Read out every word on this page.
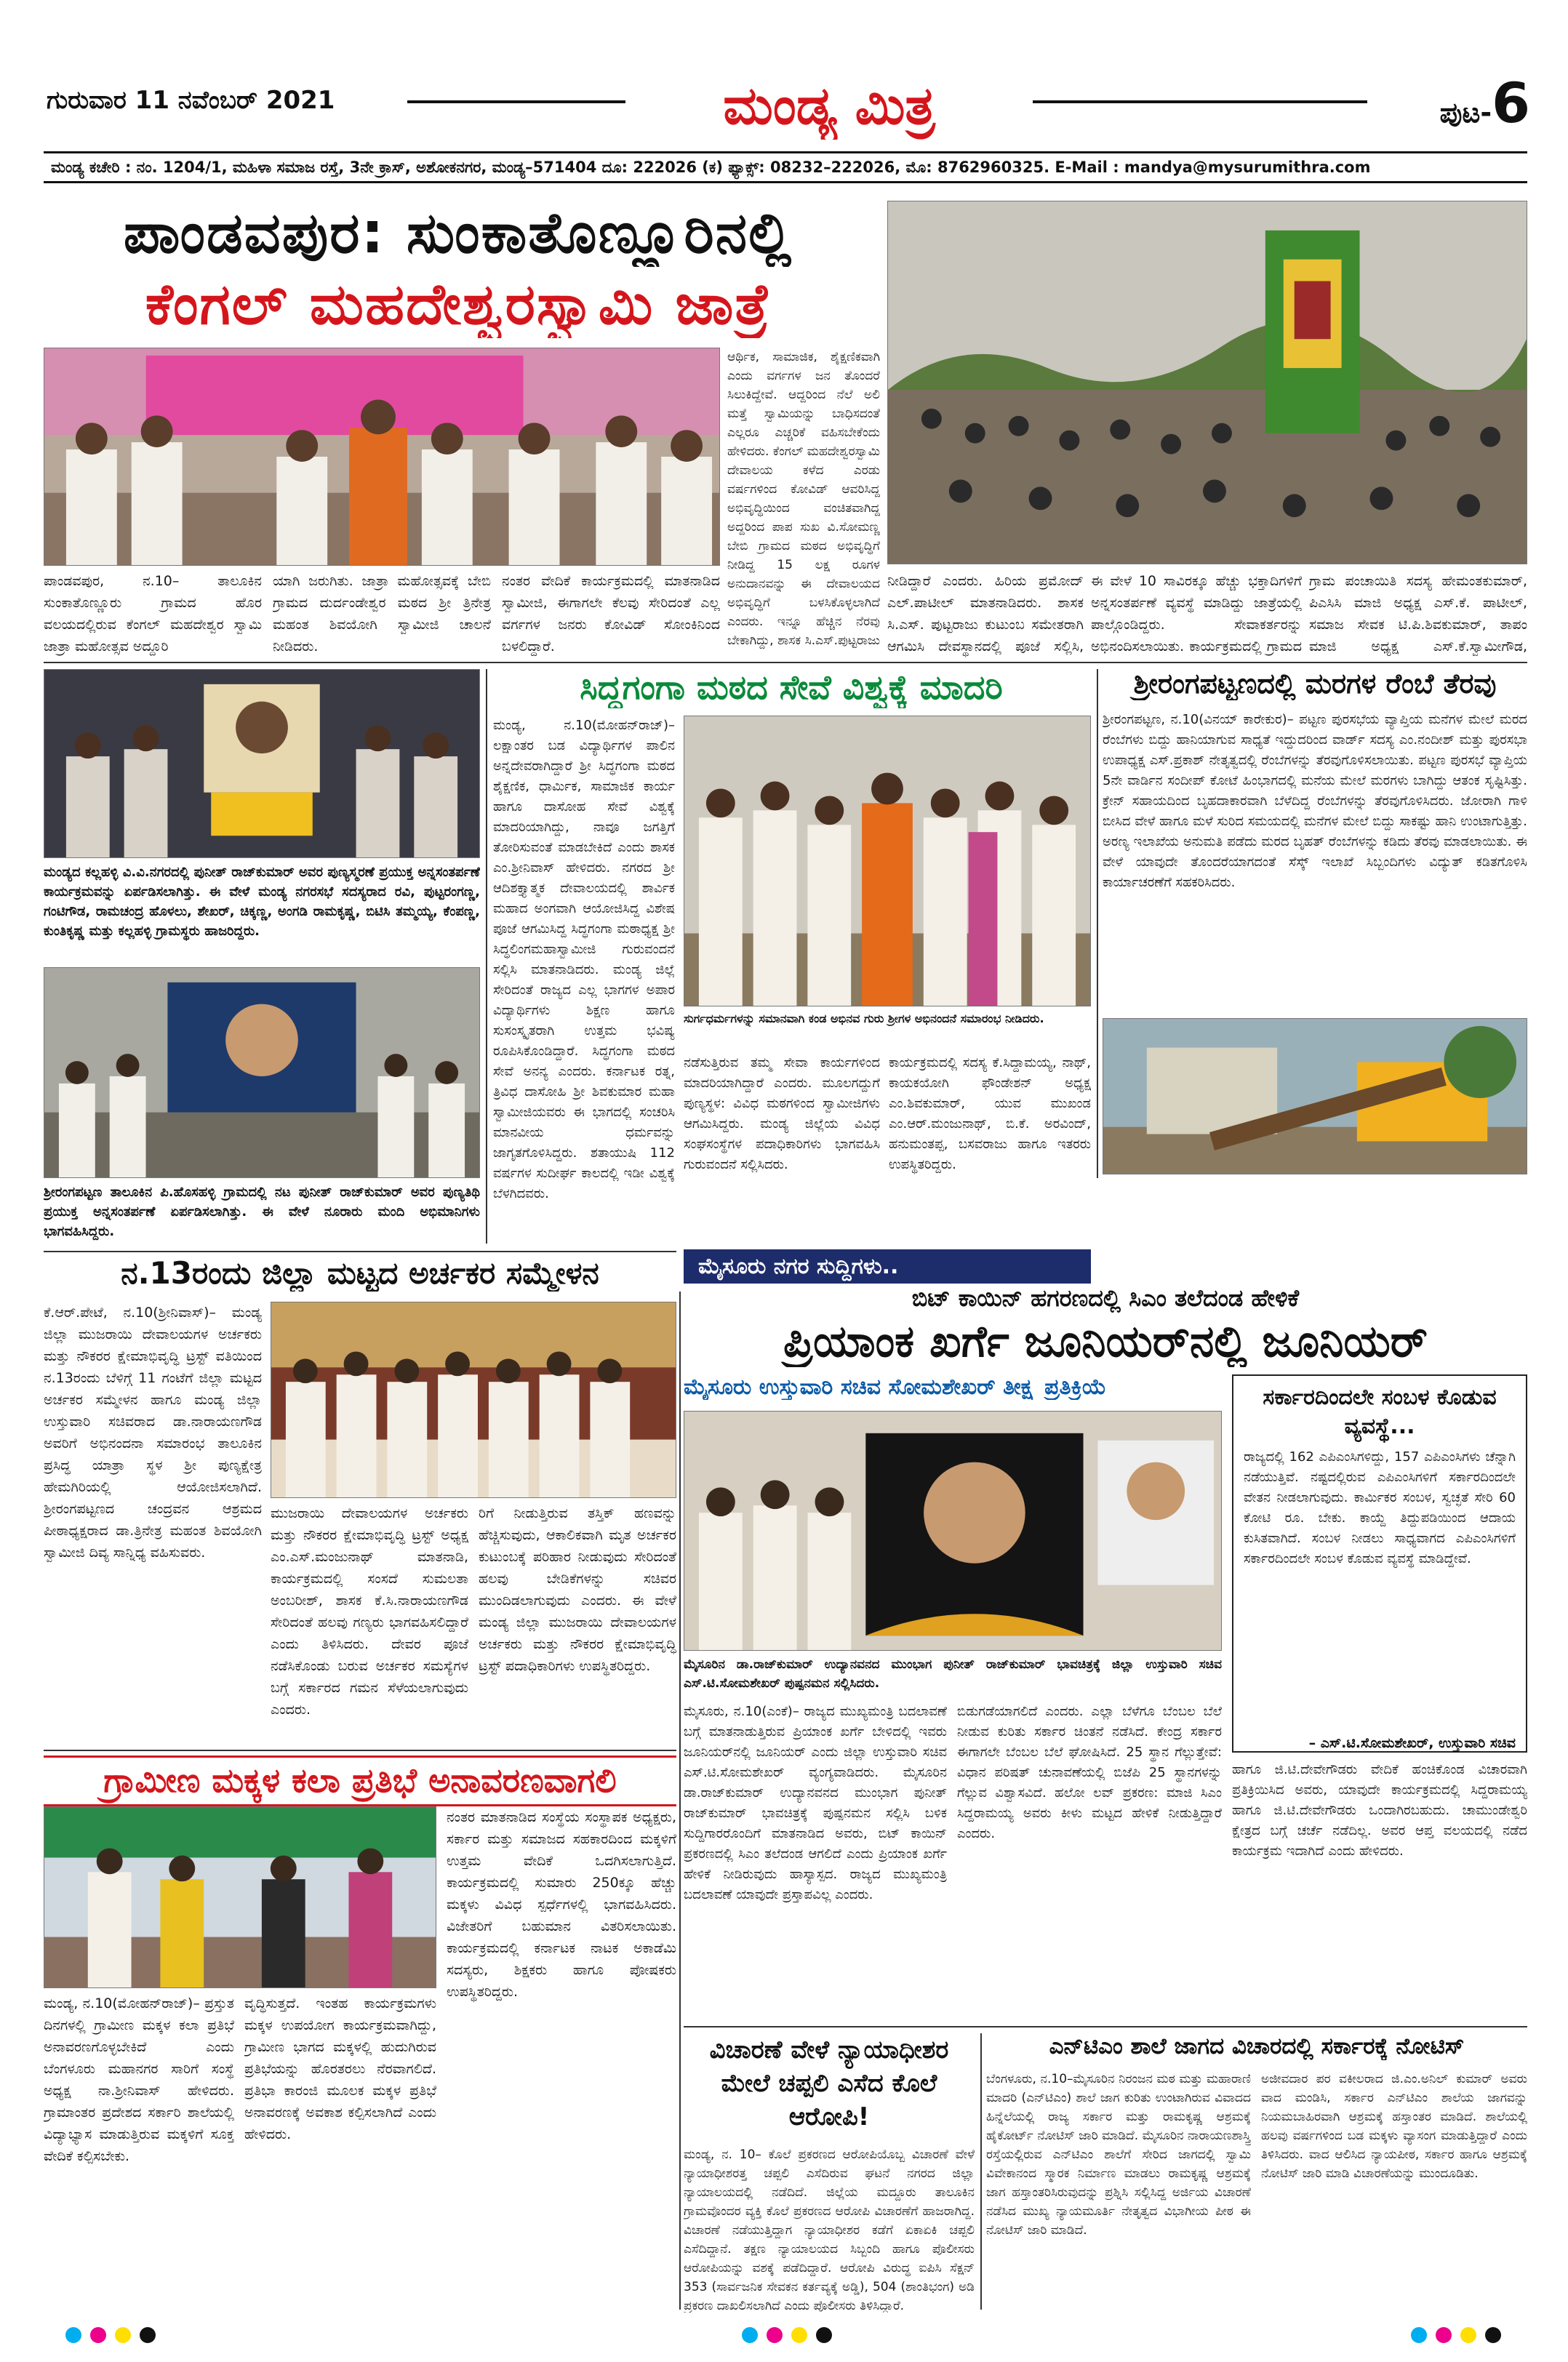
ಗುರುವಾರ 11 ನವೆಂಬರ್ 2021	ಮಂಡ್ಯ ಮಿತ್ರ	ಪುಟ-6
ಮಂಡ್ಯ ಕಚೇರಿ : ನಂ. 1204/1, ಮಹಿಳಾ ಸಮಾಜ ರಸ್ತೆ, 3ನೇ ಕ್ರಾಸ್, ಅಶೋಕನಗರ, ಮಂಡ್ಯ–571404 ದೂ: 222026 (ಕ) ಫ್ಯಾಕ್ಸ್: 08232–222026, ಮೊ: 8762960325. E-Mail : mandya@mysurumithra.com
ಪಾಂಡವಪುರ: ಸುಂಕಾತೊಣ್ಣೂರಿನಲ್ಲಿ
ಕೆಂಗಲ್ ಮಹದೇಶ್ವರಸ್ವಾಮಿ ಜಾತ್ರೆ
ಆರ್ಥಿಕ, ಸಾಮಾಜಿಕ, ಶೈಕ್ಷಣಿಕವಾಗಿ ಎಂದು ವರ್ಗಗಳ ಜನ ತೊಂದರೆ ಸಿಲುಕಿದ್ದೇವೆ. ಆದ್ದರಿಂದ ನೆಲೆ ಅಲಿ ಮತ್ತೆ ಸ್ವಾಮಿಯನ್ನು ಬಾಧಿಸದಂತೆ ಎಲ್ಲರೂ ಎಚ್ಚರಿಕೆ ವಹಿಸಬೇಕೆಂದು ಹೇಳಿದರು. ಕೆಂಗಲ್ ಮಹದೇಶ್ವರಸ್ವಾಮಿ ದೇವಾಲಯ ಕಳೆದ ಎರಡು ವರ್ಷಗಳಿಂದ ಕೋವಿಡ್ ಆವರಿಸಿದ್ದ ಅಭಿವೃದ್ಧಿಯಿಂದ ವಂಚಿತವಾಗಿದ್ದ ಅದ್ದರಿಂದ ಪಾಪ ಸುಖ ವಿ.ಸೋಮಣ್ಣ ಬೇಬಿ ಗ್ರಾಮದ ಮಠದ ಅಭಿವೃದ್ಧಿಗೆ ನೀಡಿದ್ದ 15 ಲಕ್ಷ ರೂಗಳ ಅನುದಾನವನ್ನು ಈ ದೇವಾಲಯದ ಅಭಿವೃದ್ಧಿಗೆ ಬಳಸಿಕೊಳ್ಳಲಾಗಿದೆ ಎಂದರು. ಇನ್ನೂ ಹೆಚ್ಚಿನ ನೆರವು ಬೇಕಾಗಿದ್ದು, ಶಾಸಕ ಸಿ.ಎಸ್.ಪುಟ್ಟರಾಜು
ಪಾಂಡವಪುರ, ನ.10– ತಾಲೂಕಿನ ಸುಂಕಾತೊಣ್ಣೂರು ಗ್ರಾಮದ ಹೊರ ವಲಯದಲ್ಲಿರುವ ಕೆಂಗಲ್ ಮಹದೇಶ್ವರ ಸ್ವಾಮಿ ಜಾತ್ರಾ ಮಹೋತ್ಸವ ಅದ್ದೂರಿ
ಯಾಗಿ ಜರುಗಿತು. ಜಾತ್ರಾ ಮಹೋತ್ಸವಕ್ಕೆ ಬೇಬಿ ಗ್ರಾಮದ ದುರ್ದಂಡೇಶ್ವರ ಮಠದ ಶ್ರೀ ತ್ರಿನೇತ್ರ ಮಹಂತ ಶಿವಯೋಗಿ ಸ್ವಾಮೀಜಿ ಚಾಲನೆ ನೀಡಿದರು.
ನಂತರ ವೇದಿಕೆ ಕಾರ್ಯಕ್ರಮದಲ್ಲಿ ಮಾತನಾಡಿದ ಸ್ವಾಮೀಜಿ, ಈಗಾಗಲೇ ಕೆಲವು ಸೇರಿದಂತೆ ಎಲ್ಲ ವರ್ಗಗಳ ಜನರು ಕೋವಿಡ್ ಸೋಂಕಿನಿಂದ ಬಳಲಿದ್ದಾರೆ.
ನೀಡಿದ್ದಾರೆ ಎಂದರು. ಹಿರಿಯ ಪ್ರಮೋದ್ ಎಲ್.ಪಾಟೀಲ್ ಮಾತನಾಡಿದರು. ಶಾಸಕ ಸಿ.ಎಸ್. ಪುಟ್ಟರಾಜು ಕುಟುಂಬ ಸಮೇತರಾಗಿ ಆಗಮಿಸಿ ದೇವಸ್ಥಾನದಲ್ಲಿ ಪೂಜೆ ಸಲ್ಲಿಸಿ,
ಈ ವೇಳೆ 10 ಸಾವಿರಕ್ಕೂ ಹೆಚ್ಚು ಭಕ್ತಾದಿಗಳಿಗೆ ಅನ್ನಸಂತರ್ಪಣೆ ವ್ಯವಸ್ಥೆ ಮಾಡಿದ್ದು ಜಾತ್ರೆಯಲ್ಲಿ ಪಾಲ್ಗೊಂಡಿದ್ದರು. ಸೇವಾಕರ್ತರನ್ನು ಅಭಿನಂದಿಸಲಾಯಿತು. ಕಾರ್ಯಕ್ರಮದಲ್ಲಿ ಗ್ರಾಮದ
ಗ್ರಾಮ ಪಂಚಾಯಿತಿ ಸದಸ್ಯ ಹೇಮಂತಕುಮಾರ್, ಪಿಎಸಿಸಿ ಮಾಜಿ ಅಧ್ಯಕ್ಷ ಎಸ್.ಕೆ. ಪಾಟೀಲ್, ಸಮಾಜ ಸೇವಕ ಟಿ.ಪಿ.ಶಿವಕುಮಾರ್, ತಾಪಂ ಮಾಜಿ ಅಧ್ಯಕ್ಷ ಎಸ್.ಕೆ.ಸ್ವಾಮೀಗೌಡ,
ಮಂಡ್ಯದ ಕಲ್ಲಹಳ್ಳಿ ವಿ.ವಿ.ನಗರದಲ್ಲಿ ಪುನೀತ್ ರಾಜ್‌ಕುಮಾರ್ ಅವರ ಪುಣ್ಯಸ್ಮರಣೆ ಪ್ರಯುಕ್ತ ಅನ್ನಸಂತರ್ಪಣೆ ಕಾರ್ಯಕ್ರಮವನ್ನು ಏರ್ಪಡಿಸಲಾಗಿತ್ತು. ಈ ವೇಳೆ ಮಂಡ್ಯ ನಗರಸಭೆ ಸದಸ್ಯರಾದ ರವಿ, ಪುಟ್ಟರಂಗಣ್ಣ, ಗಂಟಿಗೌಡ, ರಾಮಚಂದ್ರ ಹೊಳಲು, ಶೇಖರ್, ಚಿಕ್ಕಣ್ಣ, ಅಂಗಡಿ ರಾಮಕೃಷ್ಣ, ಬಿಟಿಸಿ ತಮ್ಮಯ್ಯ, ಕೆಂಪಣ್ಣ, ಕುಂತಿಕೃಷ್ಣ ಮತ್ತು ಕಲ್ಲಹಳ್ಳಿ ಗ್ರಾಮಸ್ಥರು ಹಾಜರಿದ್ದರು.
ಶ್ರೀರಂಗಪಟ್ಟಣ ತಾಲೂಕಿನ ಪಿ.ಹೊಸಹಳ್ಳಿ ಗ್ರಾಮದಲ್ಲಿ ನಟ ಪುನೀತ್ ರಾಜ್‌ಕುಮಾರ್ ಅವರ ಪುಣ್ಯತಿಥಿ ಪ್ರಯುಕ್ತ ಅನ್ನಸಂತರ್ಪಣೆ ಏರ್ಪಡಿಸಲಾಗಿತ್ತು. ಈ ವೇಳೆ ನೂರಾರು ಮಂದಿ ಅಭಿಮಾನಿಗಳು ಭಾಗವಹಿಸಿದ್ದರು.
ಸಿದ್ದಗಂಗಾ ಮಠದ ಸೇವೆ ವಿಶ್ವಕ್ಕೆ ಮಾದರಿ
ಮಂಡ್ಯ, ನ.10(ಮೋಹನ್‌ರಾಜ್)– ಲಕ್ಷಾಂತರ ಬಡ ವಿದ್ಯಾರ್ಥಿಗಳ ಪಾಲಿನ ಅನ್ನದೇವರಾಗಿದ್ದಾರೆ ಶ್ರೀ ಸಿದ್ಧಗಂಗಾ ಮಠದ ಶೈಕ್ಷಣಿಕ, ಧಾರ್ಮಿಕ, ಸಾಮಾಜಿಕ ಕಾರ್ಯ ಹಾಗೂ ದಾಸೋಹ ಸೇವೆ ವಿಶ್ವಕ್ಕೆ ಮಾದರಿಯಾಗಿದ್ದು, ನಾವೂ ಜಗತ್ತಿಗೆ ತೋರಿಸುವಂತೆ ಮಾಡಬೇಕಿದೆ ಎಂದು ಶಾಸಕ ಎಂ.ಶ್ರೀನಿವಾಸ್ ಹೇಳಿದರು. ನಗರದ ಶ್ರೀ ಆದಿಶಕ್ತ್ಯಾತ್ಮಕ ದೇವಾಲಯದಲ್ಲಿ ಶಾರ್ವಿಕ ಮಹಾದ ಅಂಗವಾಗಿ ಆಯೋಜಿಸಿದ್ದ ವಿಶೇಷ ಪೂಜೆ ಆಗಮಿಸಿದ್ದ ಸಿದ್ಧಗಂಗಾ ಮಠಾಧ್ಯಕ್ಷ ಶ್ರೀ ಸಿದ್ಧಲಿಂಗಮಹಾಸ್ವಾಮೀಜಿ ಗುರುವಂದನೆ ಸಲ್ಲಿಸಿ ಮಾತನಾಡಿದರು. ಮಂಡ್ಯ ಜಿಲ್ಲೆ ಸೇರಿದಂತೆ ರಾಜ್ಯದ ಎಲ್ಲ ಭಾಗಗಳ ಅಪಾರ ವಿದ್ಯಾರ್ಥಿಗಳು ಶಿಕ್ಷಣ ಹಾಗೂ ಸುಸಂಸ್ಕೃತರಾಗಿ ಉತ್ತಮ ಭವಿಷ್ಯ ರೂಪಿಸಿಕೊಂಡಿದ್ದಾರೆ. ಸಿದ್ಧಗಂಗಾ ಮಠದ ಸೇವೆ ಅನನ್ಯ ಎಂದರು. ಕರ್ನಾಟಕ ರತ್ನ, ತ್ರಿವಿಧ ದಾಸೋಹಿ ಶ್ರೀ ಶಿವಕುಮಾರ ಮಹಾ ಸ್ವಾಮೀಜಿಯವರು ಈ ಭಾಗದಲ್ಲಿ ಸಂಚರಿಸಿ ಮಾನವೀಯ ಧರ್ಮವನ್ನು ಜಾಗೃತಗೊಳಿಸಿದ್ದರು. ಶತಾಯುಷಿ 112 ವರ್ಷಗಳ ಸುದೀರ್ಘ ಕಾಲದಲ್ಲಿ ಇಡೀ ವಿಶ್ವಕ್ಕೆ ಬೆಳಗಿದವರು.
ಸುರ್ಗಧರ್ಮಗಳನ್ನು ಸಮಾನವಾಗಿ ಕಂಡ ಅಭಿನವ ಗುರು ಶ್ರೀಗಳ ಅಭಿನಂದನೆ ಸಮಾರಂಭ ನೀಡಿದರು.
ನಡೆಸುತ್ತಿರುವ ತಮ್ಮ ಸೇವಾ ಕಾರ್ಯಗಳಿಂದ ಮಾದರಿಯಾಗಿದ್ದಾರೆ ಎಂದರು. ಮೂಲಗದ್ದುಗೆ ಪುಣ್ಯಸ್ಥಳ: ವಿವಿಧ ಮಠಗಳಿಂದ ಸ್ವಾಮೀಜಿಗಳು ಆಗಮಿಸಿದ್ದರು. ಮಂಡ್ಯ ಜಿಲ್ಲೆಯ ವಿವಿಧ ಸಂಘಸಂಸ್ಥೆಗಳ ಪದಾಧಿಕಾರಿಗಳು ಭಾಗವಹಿಸಿ ಗುರುವಂದನೆ ಸಲ್ಲಿಸಿದರು.
ಕಾರ್ಯಕ್ರಮದಲ್ಲಿ ಸದಸ್ಯ ಕೆ.ಸಿದ್ದಾಮಯ್ಯ, ನಾಥ್, ಕಾಯಕಯೋಗಿ ಫೌಂಡೇಶನ್ ಅಧ್ಯಕ್ಷ ಎಂ.ಶಿವಕುಮಾರ್, ಯುವ ಮುಖಂಡ ಎಂ.ಆರ್.ಮಂಜುನಾಥ್, ಬಿ.ಕೆ. ಅರವಿಂದ್, ಹನುಮಂತಪ್ಪ, ಬಸವರಾಜು ಹಾಗೂ ಇತರರು ಉಪಸ್ಥಿತರಿದ್ದರು.
ಶ್ರೀರಂಗಪಟ್ಟಣದಲ್ಲಿ ಮರಗಳ ರೆಂಬೆ ತೆರವು
ಶ್ರೀರಂಗಪಟ್ಟಣ, ನ.10(ವಿನಯ್ ಕಾರೇಕುರ)– ಪಟ್ಟಣ ಪುರಸಭೆಯ ವ್ಯಾಪ್ತಿಯ ಮನೆಗಳ ಮೇಲೆ ಮರದ ರೆಂಬೆಗಳು ಬಿದ್ದು ಹಾನಿಯಾಗುವ ಸಾಧ್ಯತೆ ಇದ್ದುದರಿಂದ ವಾರ್ಡ್ ಸದಸ್ಯ ಎಂ.ನಂದೀಶ್ ಮತ್ತು ಪುರಸಭಾ ಉಪಾಧ್ಯಕ್ಷ ಎಸ್.ಪ್ರಕಾಶ್ ನೇತೃತ್ವದಲ್ಲಿ ರೆಂಬೆಗಳನ್ನು ತೆರವುಗೊಳಿಸಲಾಯಿತು. ಪಟ್ಟಣ ಪುರಸಭೆ ವ್ಯಾಪ್ತಿಯ 5ನೇ ವಾರ್ಡಿನ ಸಂದೀಪ್ ಕೋಟೆ ಹಿಂಭಾಗದಲ್ಲಿ ಮನೆಯ ಮೇಲೆ ಮರಗಳು ಬಾಗಿದ್ದು ಆತಂಕ ಸೃಷ್ಟಿಸಿತ್ತು. ಕ್ರೇನ್ ಸಹಾಯದಿಂದ ಬೃಹದಾಕಾರವಾಗಿ ಬೆಳೆದಿದ್ದ ರೆಂಬೆಗಳನ್ನು ತೆರವುಗೊಳಿಸಿದರು. ಜೋರಾಗಿ ಗಾಳಿ ಬೀಸಿದ ವೇಳೆ ಹಾಗೂ ಮಳೆ ಸುರಿದ ಸಮಯದಲ್ಲಿ ಮನೆಗಳ ಮೇಲೆ ಬಿದ್ದು ಸಾಕಷ್ಟು ಹಾನಿ ಉಂಟಾಗುತ್ತಿತ್ತು. ಅರಣ್ಯ ಇಲಾಖೆಯ ಅನುಮತಿ ಪಡೆದು ಮರದ ಬೃಹತ್ ರೆಂಬೆಗಳನ್ನು ಕಡಿದು ತೆರವು ಮಾಡಲಾಯಿತು. ಈ ವೇಳೆ ಯಾವುದೇ ತೊಂದರೆಯಾಗದಂತೆ ಸೆಸ್ಕ್ ಇಲಾಖೆ ಸಿಬ್ಬಂದಿಗಳು ವಿದ್ಯುತ್ ಕಡಿತಗೊಳಿಸಿ ಕಾರ್ಯಾಚರಣೆಗೆ ಸಹಕರಿಸಿದರು.
ಮೈಸೂರು ನಗರ ಸುದ್ದಿಗಳು..
ನ.13ರಂದು ಜಿಲ್ಲಾ ಮಟ್ಟದ ಅರ್ಚಕರ ಸಮ್ಮೇಳನ
ಕೆ.ಆರ್.ಪೇಟೆ, ನ.10(ಶ್ರೀನಿವಾಸ್)– ಮಂಡ್ಯ ಜಿಲ್ಲಾ ಮುಜರಾಯಿ ದೇವಾಲಯಗಳ ಅರ್ಚಕರು ಮತ್ತು ನೌಕರರ ಕ್ಷೇಮಾಭಿವೃದ್ಧಿ ಟ್ರಸ್ಟ್ ವತಿಯಿಂದ ನ.13ರಂದು ಬೆಳಿಗ್ಗೆ 11 ಗಂಟೆಗೆ ಜಿಲ್ಲಾ ಮಟ್ಟದ ಅರ್ಚಕರ ಸಮ್ಮೇಳನ ಹಾಗೂ ಮಂಡ್ಯ ಜಿಲ್ಲಾ ಉಸ್ತುವಾರಿ ಸಚಿವರಾದ ಡಾ.ನಾರಾಯಣಗೌಡ ಅವರಿಗೆ ಅಭಿನಂದನಾ ಸಮಾರಂಭ ತಾಲೂಕಿನ ಪ್ರಸಿದ್ಧ ಯಾತ್ರಾ ಸ್ಥಳ ಶ್ರೀ ಪುಣ್ಯಕ್ಷೇತ್ರ ಹೇಮಗಿರಿಯಲ್ಲಿ ಆಯೋಜಿಸಲಾಗಿದೆ. ಶ್ರೀರಂಗಪಟ್ಟಣದ ಚಂದ್ರವನ ಆಶ್ರಮದ ಪೀಠಾಧ್ಯಕ್ಷರಾದ ಡಾ.ತ್ರಿನೇತ್ರ ಮಹಂತ ಶಿವಯೋಗಿ ಸ್ವಾಮೀಜಿ ದಿವ್ಯ ಸಾನ್ನಿಧ್ಯ ವಹಿಸುವರು.
ಮುಜರಾಯಿ ದೇವಾಲಯಗಳ ಅರ್ಚಕರು ಮತ್ತು ನೌಕರರ ಕ್ಷೇಮಾಭಿವೃದ್ಧಿ ಟ್ರಸ್ಟ್ ಅಧ್ಯಕ್ಷ ಎಂ.ಎಸ್.ಮಂಜುನಾಥ್ ಮಾತನಾಡಿ, ಕಾರ್ಯಕ್ರಮದಲ್ಲಿ ಸಂಸದೆ ಸುಮಲತಾ ಅಂಬರೀಶ್, ಶಾಸಕ ಕೆ.ಸಿ.ನಾರಾಯಣಗೌಡ ಸೇರಿದಂತೆ ಹಲವು ಗಣ್ಯರು ಭಾಗವಹಿಸಲಿದ್ದಾರೆ ಎಂದು ತಿಳಿಸಿದರು. ದೇವರ ಪೂಜೆ ನಡೆಸಿಕೊಂಡು ಬರುವ ಅರ್ಚಕರ ಸಮಸ್ಯೆಗಳ ಬಗ್ಗೆ ಸರ್ಕಾರದ ಗಮನ ಸೆಳೆಯಲಾಗುವುದು ಎಂದರು.
ರಿಗೆ ನೀಡುತ್ತಿರುವ ತಸ್ತಿಕ್ ಹಣವನ್ನು ಹೆಚ್ಚಿಸುವುದು, ಆಕಾಲಿಕವಾಗಿ ಮೃತ ಅರ್ಚಕರ ಕುಟುಂಬಕ್ಕೆ ಪರಿಹಾರ ನೀಡುವುದು ಸೇರಿದಂತೆ ಹಲವು ಬೇಡಿಕೆಗಳನ್ನು ಸಚಿವರ ಮುಂದಿಡಲಾಗುವುದು ಎಂದರು. ಈ ವೇಳೆ ಮಂಡ್ಯ ಜಿಲ್ಲಾ ಮುಜರಾಯಿ ದೇವಾಲಯಗಳ ಅರ್ಚಕರು ಮತ್ತು ನೌಕರರ ಕ್ಷೇಮಾಭಿವೃದ್ಧಿ ಟ್ರಸ್ಟ್ ಪದಾಧಿಕಾರಿಗಳು ಉಪಸ್ಥಿತರಿದ್ದರು.
ಬಿಟ್ ಕಾಯಿನ್ ಹಗರಣದಲ್ಲಿ ಸಿಎಂ ತಲೆದಂಡ ಹೇಳಿಕೆ
ಪ್ರಿಯಾಂಕ ಖರ್ಗೆ ಜೂನಿಯರ್‌ನಲ್ಲಿ ಜೂನಿಯರ್
ಮೈಸೂರು ಉಸ್ತುವಾರಿ ಸಚಿವ ಸೋಮಶೇಖರ್ ತೀಕ್ಷ್ಣ ಪ್ರತಿಕ್ರಿಯೆ
ಮೈಸೂರಿನ ಡಾ.ರಾಜ್‌ಕುಮಾರ್ ಉದ್ಯಾನವನದ ಮುಂಭಾಗ ಪುನೀತ್ ರಾಜ್‌ಕುಮಾರ್ ಭಾವಚಿತ್ರಕ್ಕೆ ಜಿಲ್ಲಾ ಉಸ್ತುವಾರಿ ಸಚಿವ ಎಸ್.ಟಿ.ಸೋಮಶೇಖರ್ ಪುಷ್ಪನಮನ ಸಲ್ಲಿಸಿದರು.
ಮೈಸೂರು, ನ.10(ಎಂಕೆ)– ರಾಜ್ಯದ ಮುಖ್ಯಮಂತ್ರಿ ಬದಲಾವಣೆ ಬಗ್ಗೆ ಮಾತನಾಡುತ್ತಿರುವ ಪ್ರಿಯಾಂಕ ಖರ್ಗೆ ಬೇಳಿದಲ್ಲಿ ಇವರು ಜೂನಿಯರ್‌ನಲ್ಲಿ ಜೂನಿಯರ್ ಎಂದು ಜಿಲ್ಲಾ ಉಸ್ತುವಾರಿ ಸಚಿವ ಎಸ್.ಟಿ.ಸೋಮಶೇಖರ್ ವ್ಯಂಗ್ಯವಾಡಿದರು. ಮೈಸೂರಿನ ಡಾ.ರಾಜ್‌ಕುಮಾರ್ ಉದ್ಯಾನವನದ ಮುಂಭಾಗ ಪುನೀತ್ ರಾಜ್‌ಕುಮಾರ್ ಭಾವಚಿತ್ರಕ್ಕೆ ಪುಷ್ಪನಮನ ಸಲ್ಲಿಸಿ ಬಳಿಕ ಸುದ್ದಿಗಾರರೊಂದಿಗೆ ಮಾತನಾಡಿದ ಅವರು, ಬಿಟ್ ಕಾಯಿನ್ ಪ್ರಕರಣದಲ್ಲಿ ಸಿಎಂ ತಲೆದಂಡ ಆಗಲಿದೆ ಎಂದು ಪ್ರಿಯಾಂಕ ಖರ್ಗೆ ಹೇಳಿಕೆ ನೀಡಿರುವುದು ಹಾಸ್ಯಾಸ್ಪದ. ರಾಜ್ಯದ ಮುಖ್ಯಮಂತ್ರಿ ಬದಲಾವಣೆ ಯಾವುದೇ ಪ್ರಸ್ತಾಪವಿಲ್ಲ ಎಂದರು.
ಬಿಡುಗಡೆಯಾಗಲಿದೆ ಎಂದರು. ಎಲ್ಲಾ ಬೆಳೆಗೂ ಬೆಂಬಲ ಬೆಲೆ ನೀಡುವ ಕುರಿತು ಸರ್ಕಾರ ಚಿಂತನೆ ನಡೆಸಿದೆ. ಕೇಂದ್ರ ಸರ್ಕಾರ ಈಗಾಗಲೇ ಬೆಂಬಲ ಬೆಲೆ ಘೋಷಿಸಿದೆ. 25 ಸ್ಥಾನ ಗೆಲ್ಲುತ್ತೇವೆ: ವಿಧಾನ ಪರಿಷತ್ ಚುನಾವಣೆಯಲ್ಲಿ ಬಿಜೆಪಿ 25 ಸ್ಥಾನಗಳನ್ನು ಗೆಲ್ಲುವ ವಿಶ್ವಾಸವಿದೆ. ಹಲೋ ಲವ್ ಪ್ರಕರಣ: ಮಾಜಿ ಸಿಎಂ ಸಿದ್ದರಾಮಯ್ಯ ಅವರು ಕೀಳು ಮಟ್ಟದ ಹೇಳಿಕೆ ನೀಡುತ್ತಿದ್ದಾರೆ ಎಂದರು.
ಸರ್ಕಾರದಿಂದಲೇ ಸಂಬಳ ಕೊಡುವ ವ್ಯವಸ್ಥೆ...
ರಾಜ್ಯದಲ್ಲಿ 162 ಎಪಿಎಂಸಿಗಳಿದ್ದು, 157 ಎಪಿಎಂಸಿಗಳು ಚೆನ್ನಾಗಿ ನಡೆಯುತ್ತಿವೆ. ನಷ್ಟದಲ್ಲಿರುವ ಎಪಿಎಂಸಿಗಳಿಗೆ ಸರ್ಕಾರದಿಂದಲೇ ವೇತನ ನೀಡಲಾಗುವುದು. ಕಾರ್ಮಿಕರ ಸಂಬಳ, ಸ್ವಚ್ಛತೆ ಸೇರಿ 60 ಕೋಟಿ ರೂ. ಬೇಕು. ಕಾಯ್ದೆ ತಿದ್ದುಪಡಿಯಿಂದ ಆದಾಯ ಕುಸಿತವಾಗಿದೆ. ಸಂಬಳ ನೀಡಲು ಸಾಧ್ಯವಾಗದ ಎಪಿಎಂಸಿಗಳಿಗೆ ಸರ್ಕಾರದಿಂದಲೇ ಸಂಬಳ ಕೊಡುವ ವ್ಯವಸ್ಥೆ ಮಾಡಿದ್ದೇವೆ.
– ಎಸ್.ಟಿ.ಸೋಮಶೇಖರ್, ಉಸ್ತುವಾರಿ ಸಚಿವ
ಹಾಗೂ ಜಿ.ಟಿ.ದೇವೇಗೌಡರು ವೇದಿಕೆ ಹಂಚಿಕೊಂಡ ವಿಚಾರವಾಗಿ ಪ್ರತಿಕ್ರಿಯಿಸಿದ ಅವರು, ಯಾವುದೇ ಕಾರ್ಯಕ್ರಮದಲ್ಲಿ ಸಿದ್ದರಾಮಯ್ಯ ಹಾಗೂ ಜಿ.ಟಿ.ದೇವೇಗೌಡರು ಒಂದಾಗಿರಬಹುದು. ಚಾಮುಂಡೇಶ್ವರಿ ಕ್ಷೇತ್ರದ ಬಗ್ಗೆ ಚರ್ಚೆ ನಡೆದಿಲ್ಲ. ಅವರ ಆಪ್ತ ವಲಯದಲ್ಲಿ ನಡೆದ ಕಾರ್ಯಕ್ರಮ ಇದಾಗಿದೆ ಎಂದು ಹೇಳಿದರು.
ಗ್ರಾಮೀಣ ಮಕ್ಕಳ ಕಲಾ ಪ್ರತಿಭೆ ಅನಾವರಣವಾಗಲಿ
ಮಂಡ್ಯ, ನ.10(ಮೋಹನ್‌ರಾಜ್)– ಪ್ರಸ್ತುತ ದಿನಗಳಲ್ಲಿ ಗ್ರಾಮೀಣ ಮಕ್ಕಳ ಕಲಾ ಪ್ರತಿಭೆ ಅನಾವರಣಗೊಳ್ಳಬೇಕಿದೆ ಎಂದು ಬೆಂಗಳೂರು ಮಹಾನಗರ ಸಾರಿಗೆ ಸಂಸ್ಥೆ ಅಧ್ಯಕ್ಷ ನಾ.ಶ್ರೀನಿವಾಸ್ ಹೇಳಿದರು. ಗ್ರಾಮಾಂತರ ಪ್ರದೇಶದ ಸರ್ಕಾರಿ ಶಾಲೆಯಲ್ಲಿ ವಿದ್ಯಾಭ್ಯಾಸ ಮಾಡುತ್ತಿರುವ ಮಕ್ಕಳಿಗೆ ಸೂಕ್ತ ವೇದಿಕೆ ಕಲ್ಪಿಸಬೇಕು.
ವೃದ್ಧಿಸುತ್ತದೆ. ಇಂತಹ ಕಾರ್ಯಕ್ರಮಗಳು ಮಕ್ಕಳ ಉಪಯೋಗ ಕಾರ್ಯಕ್ರಮವಾಗಿದ್ದು, ಗ್ರಾಮೀಣ ಭಾಗದ ಮಕ್ಕಳಲ್ಲಿ ಹುದುಗಿರುವ ಪ್ರತಿಭೆಯನ್ನು ಹೊರತರಲು ನೆರವಾಗಲಿದೆ. ಪ್ರತಿಭಾ ಕಾರಂಜಿ ಮೂಲಕ ಮಕ್ಕಳ ಪ್ರತಿಭೆ ಅನಾವರಣಕ್ಕೆ ಅವಕಾಶ ಕಲ್ಪಿಸಲಾಗಿದೆ ಎಂದು ಹೇಳಿದರು.
ನಂತರ ಮಾತನಾಡಿದ ಸಂಸ್ಥೆಯ ಸಂಸ್ಥಾಪಕ ಅಧ್ಯಕ್ಷರು, ಸರ್ಕಾರ ಮತ್ತು ಸಮಾಜದ ಸಹಕಾರದಿಂದ ಮಕ್ಕಳಿಗೆ ಉತ್ತಮ ವೇದಿಕೆ ಒದಗಿಸಲಾಗುತ್ತಿದೆ. ಕಾರ್ಯಕ್ರಮದಲ್ಲಿ ಸುಮಾರು 250ಕ್ಕೂ ಹೆಚ್ಚು ಮಕ್ಕಳು ವಿವಿಧ ಸ್ಪರ್ಧೆಗಳಲ್ಲಿ ಭಾಗವಹಿಸಿದರು. ವಿಜೇತರಿಗೆ ಬಹುಮಾನ ವಿತರಿಸಲಾಯಿತು. ಕಾರ್ಯಕ್ರಮದಲ್ಲಿ ಕರ್ನಾಟಕ ನಾಟಕ ಅಕಾಡೆಮಿ ಸದಸ್ಯರು, ಶಿಕ್ಷಕರು ಹಾಗೂ ಪೋಷಕರು ಉಪಸ್ಥಿತರಿದ್ದರು.
ವಿಚಾರಣೆ ವೇಳೆ ನ್ಯಾಯಾಧೀಶರ ಮೇಲೆ ಚಪ್ಪಲಿ ಎಸೆದ ಕೊಲೆ ಆರೋಪಿ!
ಮಂಡ್ಯ, ನ. 10– ಕೊಲೆ ಪ್ರಕರಣದ ಆರೋಪಿಯೊಬ್ಬ ವಿಚಾರಣೆ ವೇಳೆ ನ್ಯಾಯಾಧೀಶರತ್ತ ಚಪ್ಪಲಿ ಎಸೆದಿರುವ ಘಟನೆ ನಗರದ ಜಿಲ್ಲಾ ನ್ಯಾಯಾಲಯದಲ್ಲಿ ನಡೆದಿದೆ. ಜಿಲ್ಲೆಯ ಮದ್ದೂರು ತಾಲೂಕಿನ ಗ್ರಾಮವೊಂದರ ವ್ಯಕ್ತಿ ಕೊಲೆ ಪ್ರಕರಣದ ಆರೋಪಿ ವಿಚಾರಣೆಗೆ ಹಾಜರಾಗಿದ್ದ. ವಿಚಾರಣೆ ನಡೆಯುತ್ತಿದ್ದಾಗ ನ್ಯಾಯಾಧೀಶರ ಕಡೆಗೆ ಏಕಾಏಕಿ ಚಪ್ಪಲಿ ಎಸೆದಿದ್ದಾನೆ. ತಕ್ಷಣ ನ್ಯಾಯಾಲಯದ ಸಿಬ್ಬಂದಿ ಹಾಗೂ ಪೊಲೀಸರು ಆರೋಪಿಯನ್ನು ವಶಕ್ಕೆ ಪಡೆದಿದ್ದಾರೆ. ಆರೋಪಿ ವಿರುದ್ಧ ಐಪಿಸಿ ಸೆಕ್ಷನ್ 353 (ಸಾರ್ವಜನಿಕ ಸೇವಕನ ಕರ್ತವ್ಯಕ್ಕೆ ಅಡ್ಡಿ), 504 (ಶಾಂತಿಭಂಗ) ಅಡಿ ಪ್ರಕರಣ ದಾಖಲಿಸಲಾಗಿದೆ ಎಂದು ಪೊಲೀಸರು ತಿಳಿಸಿದ್ದಾರೆ.
ಎನ್‌ಟಿಎಂ ಶಾಲೆ ಜಾಗದ ವಿಚಾರದಲ್ಲಿ ಸರ್ಕಾರಕ್ಕೆ ನೋಟಿಸ್
ಬೆಂಗಳೂರು, ನ.10–ಮೈಸೂರಿನ ನಿರಂಜನ ಮಠ ಮತ್ತು ಮಹಾರಾಣಿ ಮಾದರಿ (ಎನ್‌ಟಿಎಂ) ಶಾಲೆ ಜಾಗ ಕುರಿತು ಉಂಟಾಗಿರುವ ವಿವಾದದ ಹಿನ್ನೆಲೆಯಲ್ಲಿ ರಾಜ್ಯ ಸರ್ಕಾರ ಮತ್ತು ರಾಮಕೃಷ್ಣ ಆಶ್ರಮಕ್ಕೆ ಹೈಕೋರ್ಟ್ ನೋಟಿಸ್ ಜಾರಿ ಮಾಡಿದೆ. ಮೈಸೂರಿನ ನಾರಾಯಣಶಾಸ್ತ್ರಿ ರಸ್ತೆಯಲ್ಲಿರುವ ಎನ್‌ಟಿಎಂ ಶಾಲೆಗೆ ಸೇರಿದ ಜಾಗದಲ್ಲಿ ಸ್ವಾಮಿ ವಿವೇಕಾನಂದ ಸ್ಮಾರಕ ನಿರ್ಮಾಣ ಮಾಡಲು ರಾಮಕೃಷ್ಣ ಆಶ್ರಮಕ್ಕೆ ಜಾಗ ಹಸ್ತಾಂತರಿಸಿರುವುದನ್ನು ಪ್ರಶ್ನಿಸಿ ಸಲ್ಲಿಸಿದ್ದ ಅರ್ಜಿಯ ವಿಚಾರಣೆ ನಡೆಸಿದ ಮುಖ್ಯ ನ್ಯಾಯಮೂರ್ತಿ ನೇತೃತ್ವದ ವಿಭಾಗೀಯ ಪೀಠ ಈ ನೋಟಿಸ್ ಜಾರಿ ಮಾಡಿದೆ.
ಅಜೀವದಾರ ಪರ ವಕೀಲರಾದ ಜಿ.ಎಂ.ಅನಿಲ್ ಕುಮಾರ್ ಅವರು ವಾದ ಮಂಡಿಸಿ, ಸರ್ಕಾರ ಎನ್‌ಟಿಎಂ ಶಾಲೆಯ ಜಾಗವನ್ನು ನಿಯಮಬಾಹಿರವಾಗಿ ಆಶ್ರಮಕ್ಕೆ ಹಸ್ತಾಂತರ ಮಾಡಿದೆ. ಶಾಲೆಯಲ್ಲಿ ಹಲವು ವರ್ಷಗಳಿಂದ ಬಡ ಮಕ್ಕಳು ವ್ಯಾಸಂಗ ಮಾಡುತ್ತಿದ್ದಾರೆ ಎಂದು ತಿಳಿಸಿದರು. ವಾದ ಆಲಿಸಿದ ನ್ಯಾಯಪೀಠ, ಸರ್ಕಾರ ಹಾಗೂ ಆಶ್ರಮಕ್ಕೆ ನೋಟಿಸ್ ಜಾರಿ ಮಾಡಿ ವಿಚಾರಣೆಯನ್ನು ಮುಂದೂಡಿತು.
